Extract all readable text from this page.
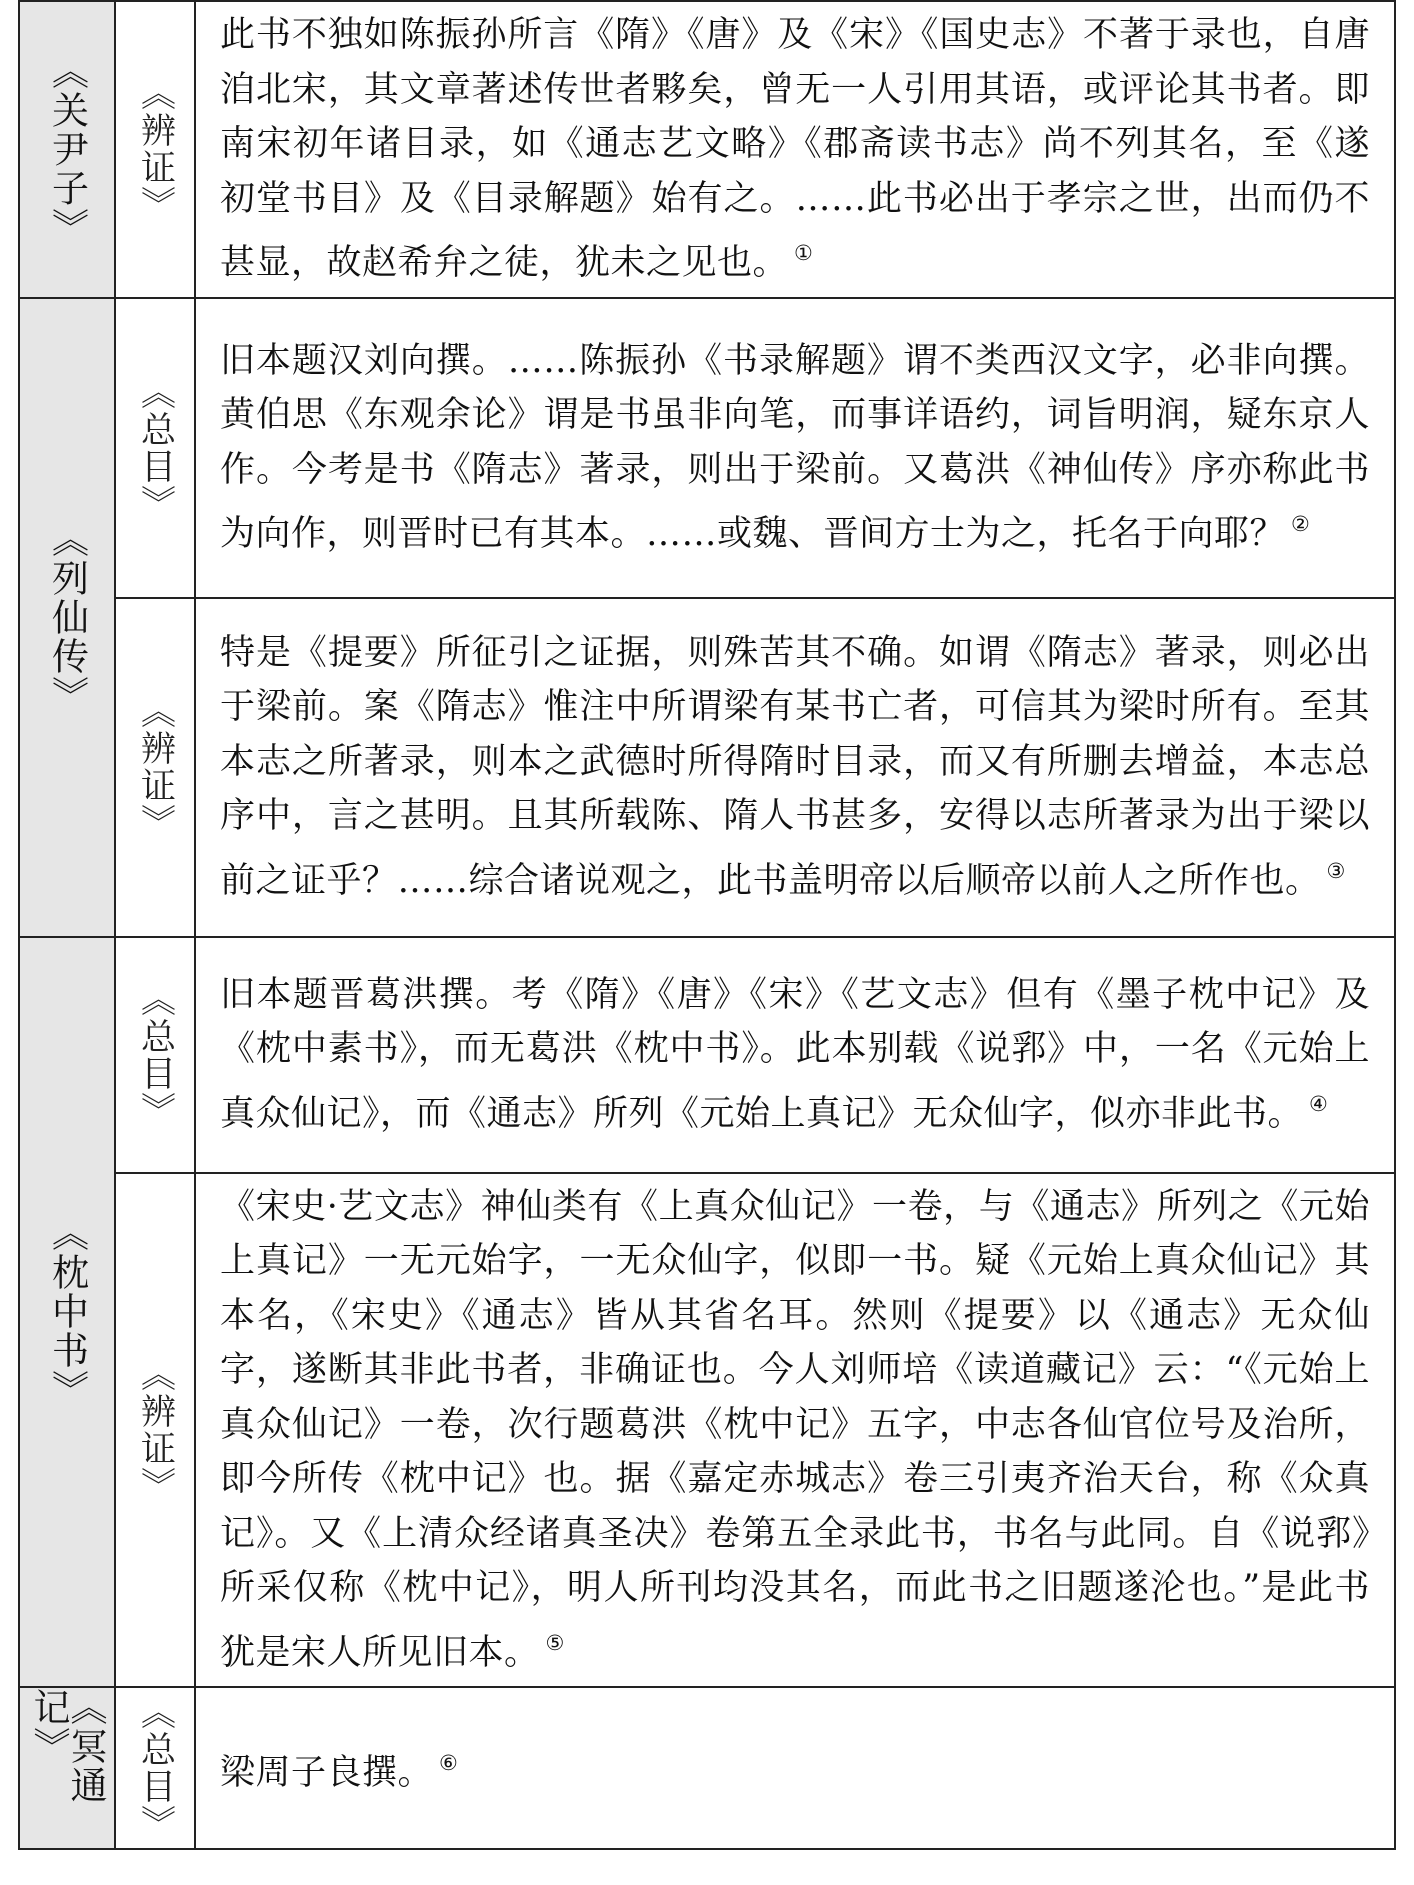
《关尹子》	《辨证》	此书不独如陈振孙所言《隋》《唐》及《宋》《国史志》不著于录也，自唐洎北宋，其文章著述传世者夥矣，曾无一人引用其语，或评论其书者。即南宋初年诸目录，如《通志艺文略》《郡斋读书志》尚不列其名，至《遂初堂书目》及《目录解题》始有之。……此书必出于孝宗之世，出而仍不甚显，故赵希弁之徒，犹未之见也。 ①

《列仙传》	《总目》	旧本题汉刘向撰。……陈振孙《书录解题》谓不类西汉文字，必非向撰。黄伯思《东观余论》谓是书虽非向笔，而事详语约，词旨明润，疑东京人作。今考是书《隋志》著录，则出于梁前。又葛洪《神仙传》序亦称此书为向作，则晋时已有其本。……或魏、晋间方士为之，托名于向耶？ ②

	《辨证》	特是《提要》所征引之证据，则殊苦其不确。如谓《隋志》著录，则必出于梁前。案《隋志》惟注中所谓梁有某书亡者，可信其为梁时所有。至其本志之所著录，则本之武德时所得隋时目录，而又有所删去增益，本志总序中，言之甚明。且其所载陈、隋人书甚多，安得以志所著录为出于梁以前之证乎？……综合诸说观之，此书盖明帝以后顺帝以前人之所作也。 ③

《枕中书》	《总目》	旧本题晋葛洪撰。考《隋》《唐》《宋》《艺文志》但有《墨子枕中记》及《枕中素书》，而无葛洪《枕中书》。此本别载《说郛》中，一名《元始上真众仙记》，而《通志》所列《元始上真记》无众仙字，似亦非此书。 ④

	《辨证》	《宋史·艺文志》神仙类有《上真众仙记》一卷，与《通志》所列之《元始上真记》一无元始字，一无众仙字，似即一书。疑《元始上真众仙记》其本名，《宋史》《通志》皆从其省名耳。然则《提要》以《通志》无众仙字，遂断其非此书者，非确证也。今人刘师培《读道藏记》云：“《元始上真众仙记》一卷，次行题葛洪《枕中记》五字，中志各仙官位号及治所，即今所传《枕中记》也。据《嘉定赤城志》卷三引夷齐治天台，称《众真记》。又《上清众经诸真圣决》卷第五全录此书，书名与此同。自《说郛》所采仅称《枕中记》，明人所刊均没其名，而此书之旧题遂沦也。”是此书犹是宋人所见旧本。 ⑤

《冥通记》	《总目》	梁周子良撰。 ⑥
